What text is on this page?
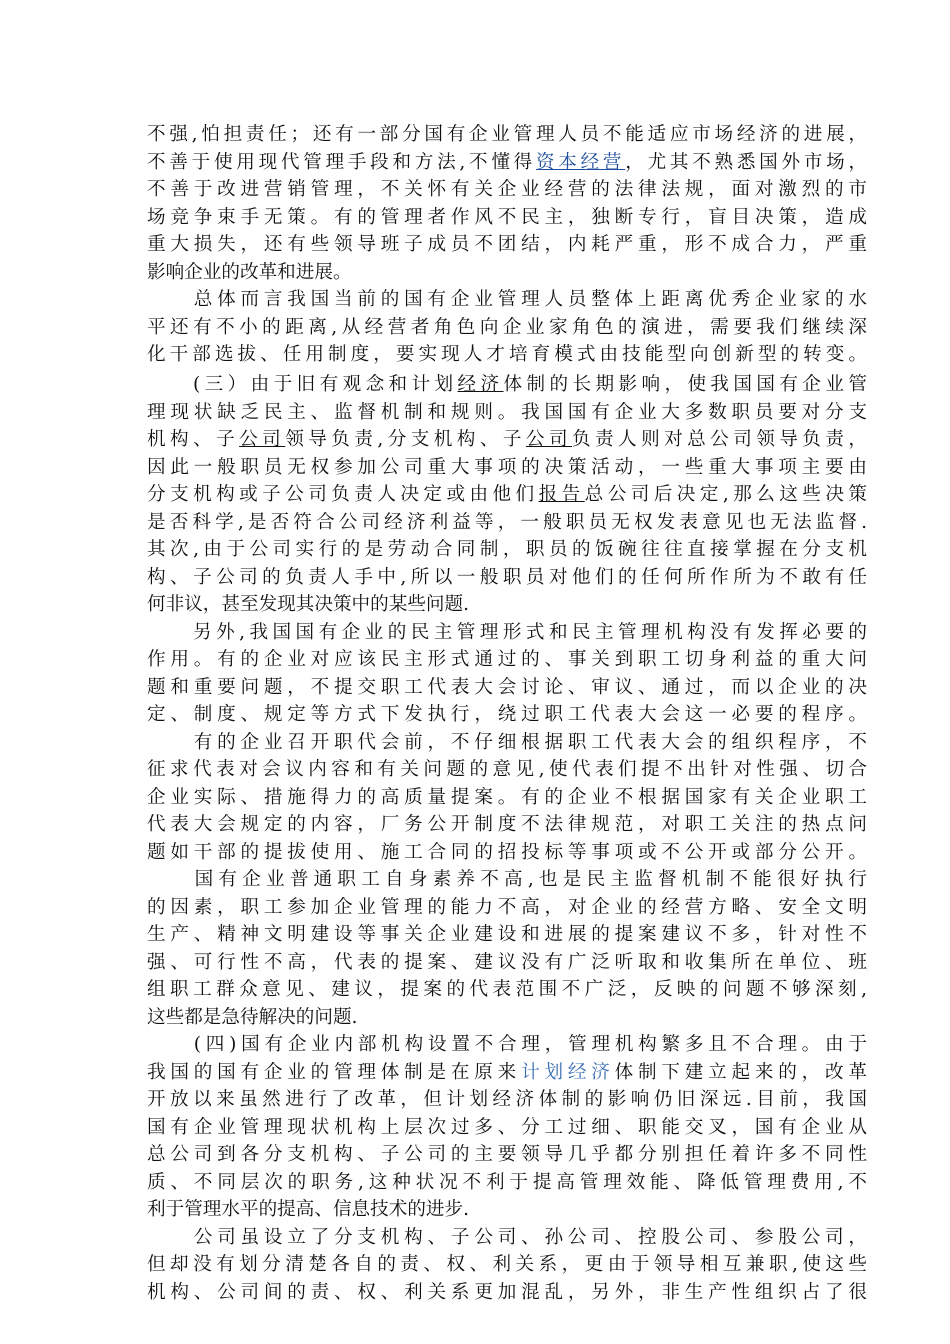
不强,怕担责任；还有一部分国有企业管理人员不能适应市场经济的进展，
不善于使用现代管理手段和方法,不懂得资本经营，尤其不熟悉国外市场，
不善于改进营销管理，不关怀有关企业经营的法律法规，面对激烈的市
场竞争束手无策。有的管理者作风不民主，独断专行，盲目决策，造成
重大损失，还有些领导班子成员不团结，内耗严重，形不成合力，严重
影响企业的改革和进展。
　　总体而言我国当前的国有企业管理人员整体上距离优秀企业家的水
平还有不小的距离,从经营者角色向企业家角色的演进，需要我们继续深
化干部选拔、任用制度，要实现人才培育模式由技能型向创新型的转变。
　　(三）由于旧有观念和计划经济体制的长期影响，使我国国有企业管
理现状缺乏民主、监督机制和规则。我国国有企业大多数职员要对分支
机构、子公司领导负责,分支机构、子公司负责人则对总公司领导负责，
因此一般职员无权参加公司重大事项的决策活动，一些重大事项主要由
分支机构或子公司负责人决定或由他们报告总公司后决定,那么这些决策
是否科学,是否符合公司经济利益等，一般职员无权发表意见也无法监督.
其次,由于公司实行的是劳动合同制，职员的饭碗往往直接掌握在分支机
构、子公司的负责人手中,所以一般职员对他们的任何所作所为不敢有任
何非议，甚至发现其决策中的某些问题.
　　另外,我国国有企业的民主管理形式和民主管理机构没有发挥必要的
作用。有的企业对应该民主形式通过的、事关到职工切身利益的重大问
题和重要问题，不提交职工代表大会讨论、审议、通过，而以企业的决
定、制度、规定等方式下发执行，绕过职工代表大会这一必要的程序。
　　有的企业召开职代会前，不仔细根据职工代表大会的组织程序，不
征求代表对会议内容和有关问题的意见,使代表们提不出针对性强、切合
企业实际、措施得力的高质量提案。有的企业不根据国家有关企业职工
代表大会规定的内容，厂务公开制度不法律规范，对职工关注的热点问
题如干部的提拔使用、施工合同的招投标等事项或不公开或部分公开。
　　国有企业普通职工自身素养不高,也是民主监督机制不能很好执行
的因素，职工参加企业管理的能力不高，对企业的经营方略、安全文明
生产、精神文明建设等事关企业建设和进展的提案建议不多，针对性不
强、可行性不高，代表的提案、建议没有广泛听取和收集所在单位、班
组职工群众意见、建议，提案的代表范围不广泛，反映的问题不够深刻,
这些都是急待解决的问题.
　　(四)国有企业内部机构设置不合理，管理机构繁多且不合理。由于
我国的国有企业的管理体制是在原来计划经济体制下建立起来的，改革
开放以来虽然进行了改革，但计划经济体制的影响仍旧深远.目前，我国
国有企业管理现状机构上层次过多、分工过细、职能交叉，国有企业从
总公司到各分支机构、子公司的主要领导几乎都分别担任着许多不同性
质、不同层次的职务,这种状况不利于提高管理效能、降低管理费用,不
利于管理水平的提高、信息技术的进步.
　　公司虽设立了分支机构、子公司、孙公司、控股公司、参股公司，
但却没有划分清楚各自的责、权、利关系，更由于领导相互兼职,使这些
机构、公司间的责、权、利关系更加混乱，另外，非生产性组织占了很
